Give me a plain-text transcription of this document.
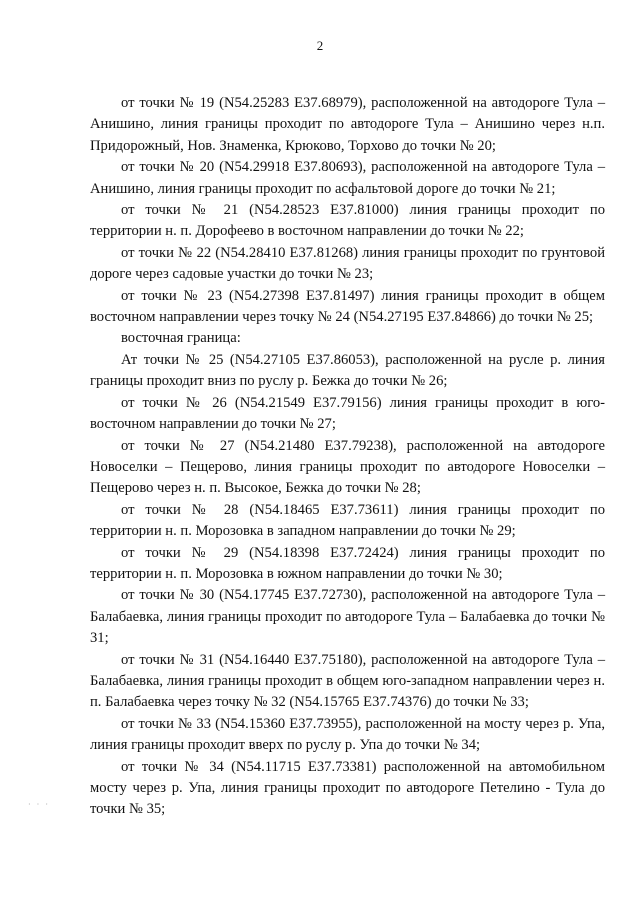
2

от точки № 19 (N54.25283 E37.68979), расположенной на автодороге Тула – Анишино, линия границы проходит по автодороге Тула – Анишино через н.п. Придорожный, Нов. Знаменка, Крюково, Торхово до точки № 20;

от точки № 20 (N54.29918 E37.80693), расположенной на автодороге Тула – Анишино, линия границы проходит по асфальтовой дороге до точки № 21;

от точки № 21 (N54.28523 E37.81000) линия границы проходит по территории н. п. Дорофеево в восточном направлении до точки № 22;

от точки № 22 (N54.28410 E37.81268) линия границы проходит по грунтовой дороге через садовые участки до точки № 23;

от точки № 23 (N54.27398 E37.81497) линия границы проходит в общем восточном направлении через точку № 24 (N54.27195 E37.84866) до точки № 25;

восточная граница:

Ат точки № 25 (N54.27105 E37.86053), расположенной на русле р. линия границы проходит вниз по руслу р. Бежка до точки № 26;

от точки № 26 (N54.21549 E37.79156) линия границы проходит в юго-восточном направлении до точки № 27;

от точки № 27 (N54.21480 E37.79238), расположенной на автодороге Новоселки – Пещерово, линия границы проходит по автодороге Новоселки – Пещерово через н. п. Высокое, Бежка до точки № 28;

от точки № 28 (N54.18465 E37.73611) линия границы проходит по территории н. п. Морозовка в западном направлении до точки № 29;

от точки № 29 (N54.18398 E37.72424) линия границы проходит по территории н. п. Морозовка в южном направлении до точки № 30;

от точки № 30 (N54.17745 E37.72730), расположенной на автодороге Тула – Балабаевка, линия границы проходит по автодороге Тула – Балабаевка до точки № 31;

от точки № 31 (N54.16440 E37.75180), расположенной на автодороге Тула – Балабаевка, линия границы проходит в общем юго-западном направлении через н. п. Балабаевка через точку № 32 (N54.15765 E37.74376) до точки № 33;

от точки № 33 (N54.15360 E37.73955), расположенной на мосту через р. Упа, линия границы проходит вверх по руслу р. Упа до точки № 34;

от точки № 34 (N54.11715 E37.73381) расположенной на автомобильном мосту через р. Упа, линия границы проходит по автодороге Петелино - Тула до точки № 35;

· · ·
